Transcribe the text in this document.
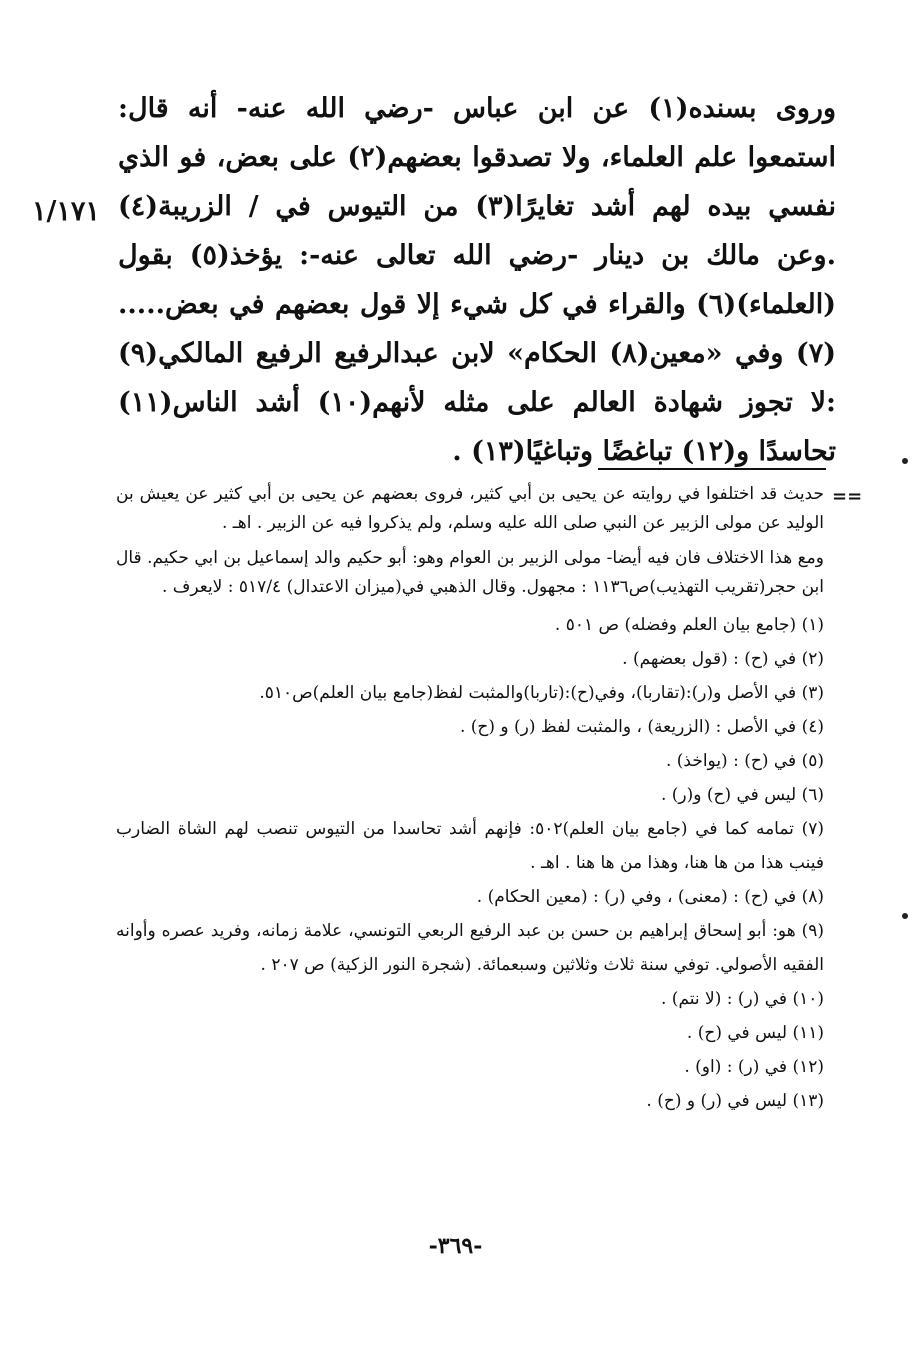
١/١٧١

وروى بسنده(١) عن ابن عباس -رضي الله عنه- أنه قال: استمعوا علم العلماء، ولا تصدقوا بعضهم(٢) على بعض، فو الذي نفسي بيده لهم أشد تغايرًا(٣) من التيوس في / الزريبة(٤) .وعن مالك بن دينار -رضي الله تعالى عنه-: يؤخذ(٥) بقول (العلماء)(٦) والقراء في كل شيء إلا قول بعضهم في بعض..... (٧) وفي «معين(٨) الحكام» لابن عبدالرفيع الرفيع المالكي(٩) :لا تجوز شهادة العالم على مثله لأنهم(١٠) أشد الناس(١١) تحاسدًا و(١٢) تباغضًا وتباغيًا(١٣) .

==

حديث قد اختلفوا في روايته عن يحيى بن أبي كثير، فروى بعضهم عن يحيى بن أبي كثير عن يعيش بن الوليد عن مولى الزبير عن النبي صلى الله عليه وسلم، ولم يذكروا فيه عن الزبير . اهـ .

ومع هذا الاختلاف فان فيه أيضا- مولى الزبير بن العوام وهو: أبو حكيم والد إسماعيل بن ابي حكيم. قال ابن حجر(تقريب التهذيب)ص١١٣٦ : مجهول. وقال الذهبي في(ميزان الاعتدال) ٥١٧/٤ : لايعرف .

(١) (جامع بيان العلم وفضله) ص ٥٠١ .

(٢) في (ح) : (قول بعضهم) .

(٣) في الأصل و(ر):(تقاربا)، وفي(ح):(تاربا)والمثبت لفظ(جامع بيان العلم)ص٥١٠.

(٤) في الأصل : (الزريعة) ، والمثبت لفظ (ر) و (ح) .

(٥) في (ح) : (يواخذ) .

(٦) ليس في (ح) و(ر) .

(٧) تمامه كما في (جامع بيان العلم)٥٠٢: فإنهم أشد تحاسدا من التيوس تنصب لهم الشاة الضارب فينب هذا من ها هنا، وهذا من ها هنا . اهـ .

(٨) في (ح) : (معنى) ، وفي (ر) : (معين الحكام) .

(٩) هو: أبو إسحاق إبراهيم بن حسن بن عبد الرفيع الربعي التونسي، علامة زمانه، وفريد عصره وأوانه الفقيه الأصولي. توفي سنة ثلاث وثلاثين وسبعمائة. (شجرة النور الزكية) ص ٢٠٧ .

(١٠) في (ر) : (لا نتم) .

(١١) ليس في (ح) .

(١٢) في (ر) : (او) .

(١٣) ليس في (ر) و (ح) .

-٣٦٩-
